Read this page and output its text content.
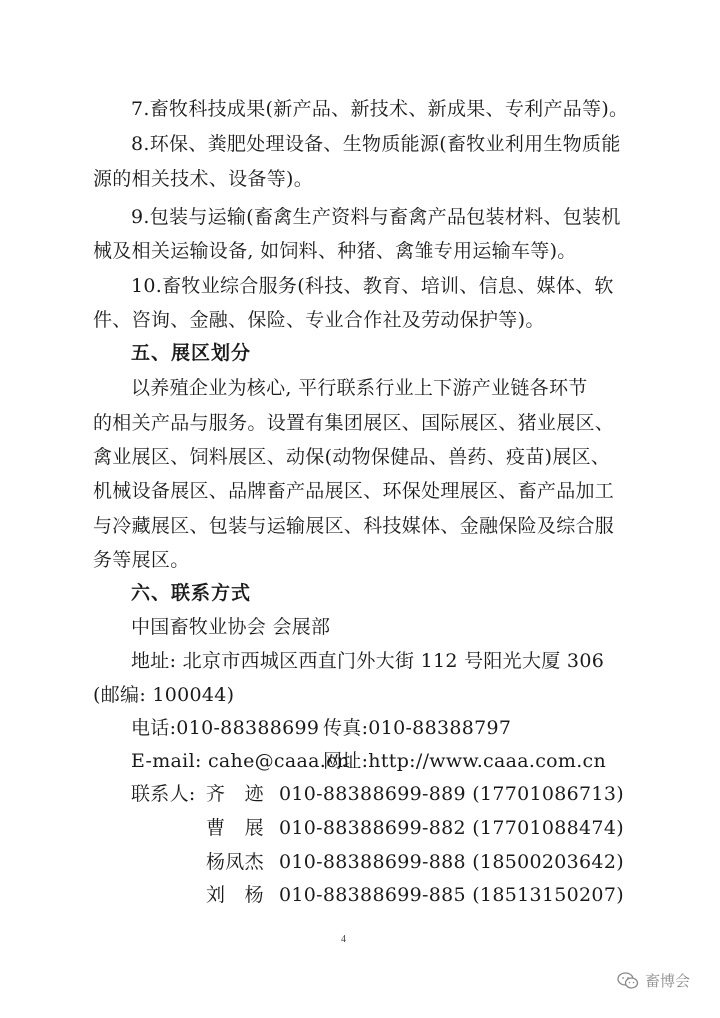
7.畜牧科技成果(新产品、新技术、新成果、专利产品等)。
8.环保、粪肥处理设备、生物质能源(畜牧业利用生物质能
源的相关技术、设备等)。
9.包装与运输(畜禽生产资料与畜禽产品包装材料、包装机
械及相关运输设备, 如饲料、种猪、禽雏专用运输车等)。
10.畜牧业综合服务(科技、教育、培训、信息、媒体、软
件、咨询、金融、保险、专业合作社及劳动保护等)。
五、展区划分
以养殖企业为核心, 平行联系行业上下游产业链各环节
的相关产品与服务。设置有集团展区、国际展区、猪业展区、
禽业展区、饲料展区、动保(动物保健品、兽药、疫苗)展区、
机械设备展区、品牌畜产品展区、环保处理展区、畜产品加工
与冷藏展区、包装与运输展区、科技媒体、金融保险及综合服
务等展区。
六、联系方式
中国畜牧业协会 会展部
地址: 北京市西城区西直门外大街 112 号阳光大厦 306
(邮编: 100044)
电话:010-88388699 传真:010-88388797
E-mail: cahe@caaa.cn
网址:http://www.caaa.com.cn
联系人: 齐　迹 010-88388699-889 (17701086713)
曹　展 010-88388699-882 (17701088474)
杨凤杰 010-88388699-888 (18500203642)
刘　杨 010-88388699-885 (18513150207)
4
畜博会
